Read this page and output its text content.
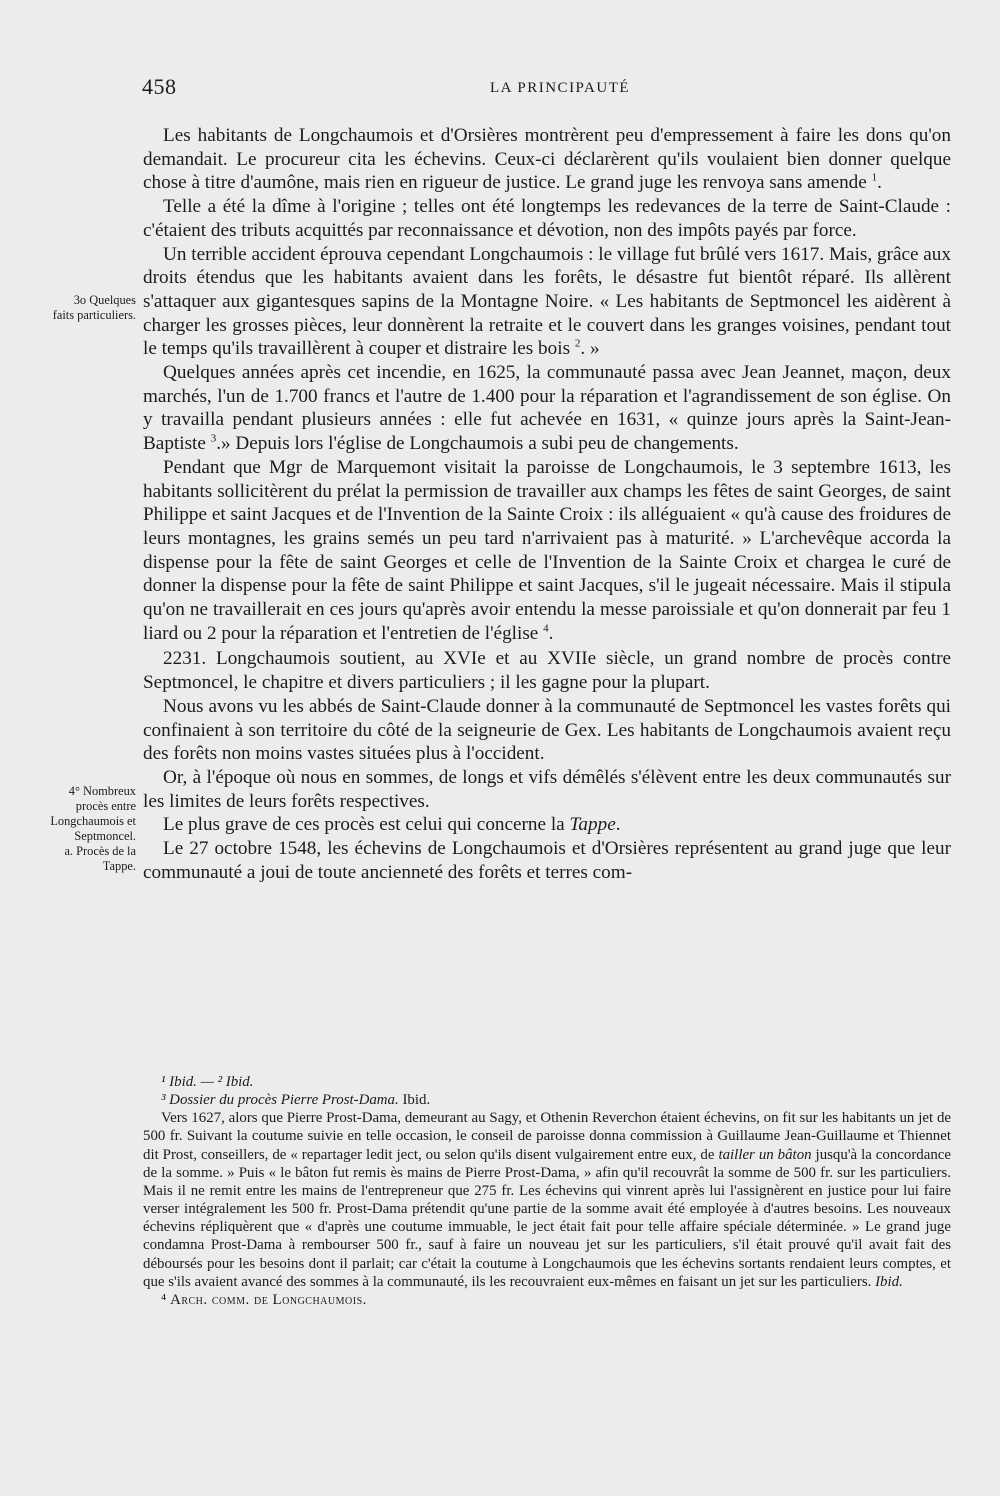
458	LA PRINCIPAUTÉ
3o Quelques faits particuliers.
4° Nombreux procès entre Longchaumois et Septmoncel.
a. Procès de la Tappe.

Les habitants de Longchaumois et d'Orsières montrèrent peu d'empressement à faire les dons qu'on demandait. Le procureur cita les échevins. Ceux-ci déclarèrent qu'ils voulaient bien donner quelque chose à titre d'aumône, mais rien en rigueur de justice. Le grand juge les renvoya sans amende $^1$.

Telle a été la dîme à l'origine ; telles ont été longtemps les redevances de la terre de Saint-Claude : c'étaient des tributs acquittés par reconnaissance et dévotion, non des impôts payés par force.

Un terrible accident éprouva cependant Longchaumois : le village fut brûlé vers 1617. Mais, grâce aux droits étendus que les habitants avaient dans les forêts, le désastre fut bientôt réparé. Ils allèrent s'attaquer aux gigantesques sapins de la Montagne Noire. « Les habitants de Septmoncel les aidèrent à charger les grosses pièces, leur donnèrent la retraite et le couvert dans les granges voisines, pendant tout le temps qu'ils travaillèrent à couper et distraire les bois $^2$. »

Quelques années après cet incendie, en 1625, la communauté passa avec Jean Jeannet, maçon, deux marchés, l'un de 1.700 francs et l'autre de 1.400 pour la réparation et l'agrandissement de son église. On y travailla pendant plusieurs années : elle fut achevée en 1631, « quinze jours après la Saint-Jean-Baptiste $^3$.» Depuis lors l'église de Longchaumois a subi peu de changements.

Pendant que Mgr de Marquemont visitait la paroisse de Longchaumois, le 3 septembre 1613, les habitants sollicitèrent du prélat la permission de travailler aux champs les fêtes de saint Georges, de saint Philippe et saint Jacques et de l'Invention de la Sainte Croix : ils alléguaient « qu'à cause des froidures de leurs montagnes, les grains semés un peu tard n'arrivaient pas à maturité. » L'archevêque accorda la dispense pour la fête de saint Georges et celle de l'Invention de la Sainte Croix et chargea le curé de donner la dispense pour la fête de saint Philippe et saint Jacques, s'il le jugeait nécessaire. Mais il stipula qu'on ne travaillerait en ces jours qu'après avoir entendu la messe paroissiale et qu'on donnerait par feu 1 liard ou 2 pour la réparation et l'entretien de l'église $^4$.

2231. Longchaumois soutient, au XVIe et au XVIIe siècle, un grand nombre de procès contre Septmoncel, le chapitre et divers particuliers ; il les gagne pour la plupart.

Nous avons vu les abbés de Saint-Claude donner à la communauté de Septmoncel les vastes forêts qui confinaient à son territoire du côté de la seigneurie de Gex. Les habitants de Longchaumois avaient reçu des forêts non moins vastes situées plus à l'occident.

Or, à l'époque où nous en sommes, de longs et vifs démêlés s'élèvent entre les deux communautés sur les limites de leurs forêts respectives.

Le plus grave de ces procès est celui qui concerne la Tappe.

Le 27 octobre 1548, les échevins de Longchaumois et d'Orsières représentent au grand juge que leur communauté a joui de toute ancienneté des forêts et terres com-

¹ Ibid. — ² Ibid.

³ Dossier du procès Pierre Prost-Dama. Ibid.

Vers 1627, alors que Pierre Prost-Dama, demeurant au Sagy, et Othenin Reverchon étaient échevins, on fit sur les habitants un jet de 500 fr. Suivant la coutume suivie en telle occasion, le conseil de paroisse donna commission à Guillaume Jean-Guillaume et Thiennet dit Prost, conseillers, de « repartager ledit ject, ou selon qu'ils disent vulgairement entre eux, de tailler un bâton jusqu'à la concordance de la somme. » Puis « le bâton fut remis ès mains de Pierre Prost-Dama, » afin qu'il recouvrât la somme de 500 fr. sur les particuliers. Mais il ne remit entre les mains de l'entrepreneur que 275 fr. Les échevins qui vinrent après lui l'assignèrent en justice pour lui faire verser intégralement les 500 fr. Prost-Dama prétendit qu'une partie de la somme avait été employée à d'autres besoins. Les nouveaux échevins répliquèrent que « d'après une coutume immuable, le ject était fait pour telle affaire spéciale déterminée. » Le grand juge condamna Prost-Dama à rembourser 500 fr., sauf à faire un nouveau jet sur les particuliers, s'il était prouvé qu'il avait fait des déboursés pour les besoins dont il parlait; car c'était la coutume à Longchaumois que les échevins sortants rendaient leurs comptes, et que s'ils avaient avancé des sommes à la communauté, ils les recouvraient eux-mêmes en faisant un jet sur les particuliers. Ibid.

⁴ Arch. comm. de Longchaumois.
